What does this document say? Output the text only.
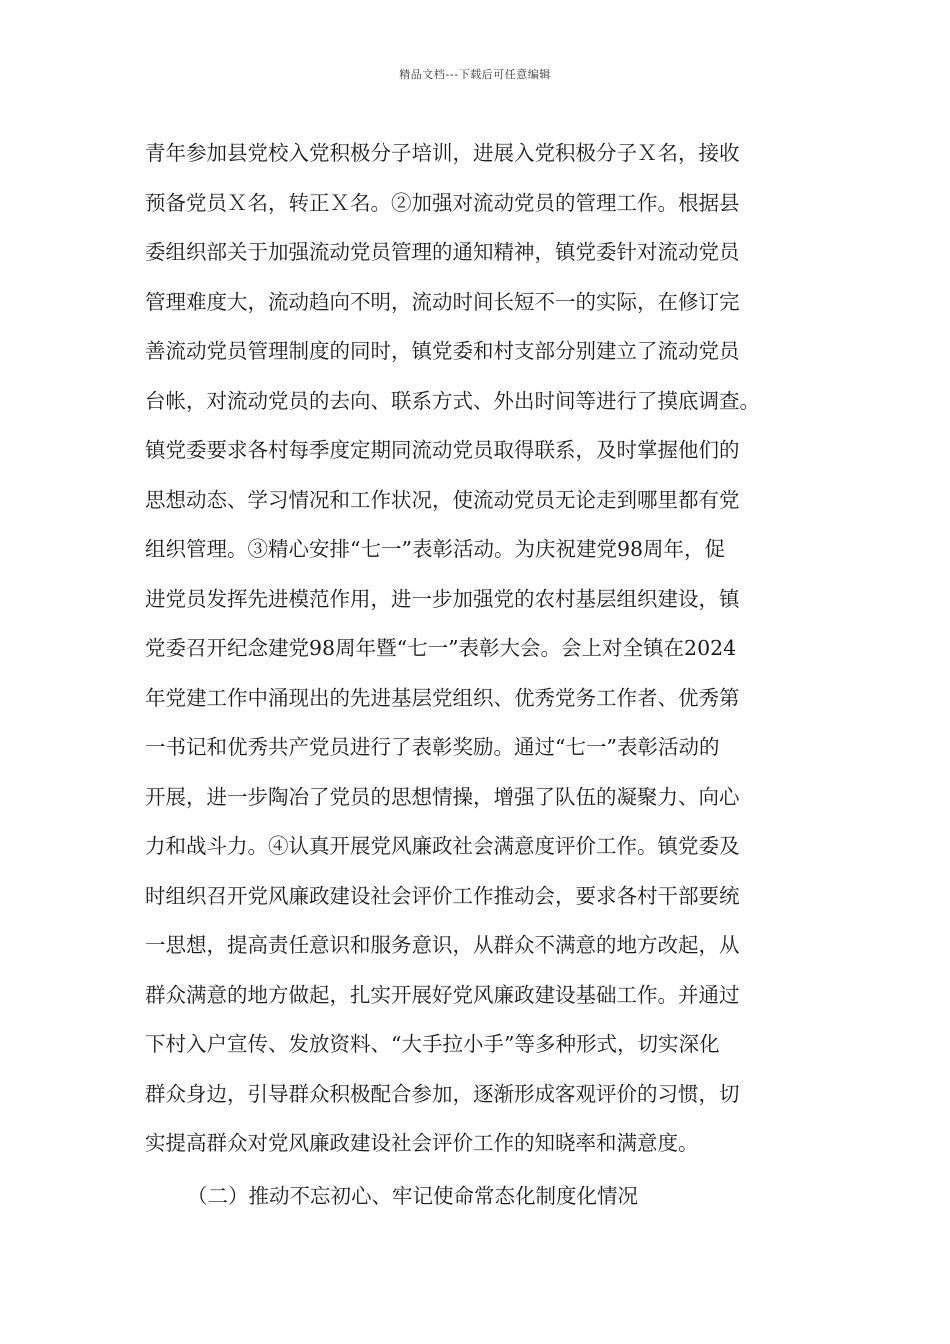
精品文档---下载后可任意编辑
青年参加县党校入党积极分子培训，进展入党积极分子Ｘ名，接收
预备党员Ｘ名，转正Ｘ名。②加强对流动党员的管理工作。根据县
委组织部关于加强流动党员管理的通知精神，镇党委针对流动党员
管理难度大，流动趋向不明，流动时间长短不一的实际，在修订完
善流动党员管理制度的同时，镇党委和村支部分别建立了流动党员
台帐，对流动党员的去向、联系方式、外出时间等进行了摸底调查。
镇党委要求各村每季度定期同流动党员取得联系，及时掌握他们的
思想动态、学习情况和工作状况，使流动党员无论走到哪里都有党
组织管理。③精心安排“七一”表彰活动。为庆祝建党98周年，促
进党员发挥先进模范作用，进一步加强党的农村基层组织建设，镇
党委召开纪念建党98周年暨“七一”表彰大会。会上对全镇在2024
年党建工作中涌现出的先进基层党组织、优秀党务工作者、优秀第
一书记和优秀共产党员进行了表彰奖励。通过“七一”表彰活动的
开展，进一步陶冶了党员的思想情操，增强了队伍的凝聚力、向心
力和战斗力。④认真开展党风廉政社会满意度评价工作。镇党委及
时组织召开党风廉政建设社会评价工作推动会，要求各村干部要统
一思想，提高责任意识和服务意识，从群众不满意的地方改起，从
群众满意的地方做起，扎实开展好党风廉政建设基础工作。并通过
下村入户宣传、发放资料、“大手拉小手”等多种形式，切实深化
群众身边，引导群众积极配合参加，逐渐形成客观评价的习惯，切
实提高群众对党风廉政建设社会评价工作的知晓率和满意度。
（二）推动不忘初心、牢记使命常态化制度化情况
